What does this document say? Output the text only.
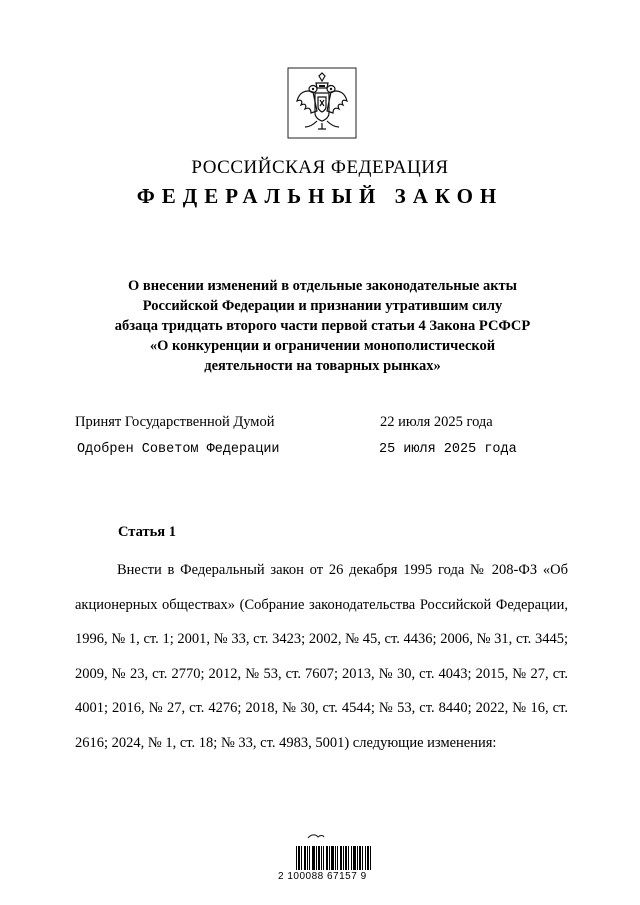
РОССИЙСКАЯ ФЕДЕРАЦИЯ
ФЕДЕРАЛЬНЫЙ ЗАКОН
О внесении изменений в отдельные законодательные акты
Российской Федерации и признании утратившим силу
абзаца тридцать второго части первой статьи 4 Закона РСФСР
«О конкуренции и ограничении монополистической
деятельности на товарных рынках»
Принят Государственной Думой	22 июля 2025 года
Одобрен Советом Федерации	25 июля 2025 года
Статья 1
Внести в Федеральный закон от 26 декабря 1995 года № 208-ФЗ «Об акционерных обществах» (Собрание законодательства Российской Федерации, 1996, № 1, ст. 1; 2001, № 33, ст. 3423; 2002, № 45, ст. 4436; 2006, № 31, ст. 3445; 2009, № 23, ст. 2770; 2012, № 53, ст. 7607; 2013, № 30, ст. 4043; 2015, № 27, ст. 4001; 2016, № 27, ст. 4276; 2018, № 30, ст. 4544; № 53, ст. 8440; 2022, № 16, ст. 2616; 2024, № 1, ст. 18; № 33, ст. 4983, 5001) следующие изменения:
2 100088 67157 9
